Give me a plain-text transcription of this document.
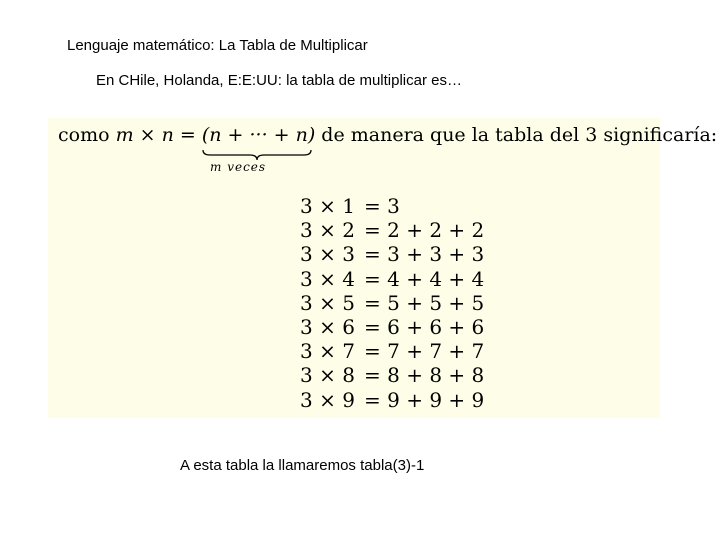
Lenguaje matemático: La Tabla de Multiplicar
En CHile, Holanda, E:E:UU: la tabla de multiplicar es…
como m × n = (n + ··· + n)
de manera que la tabla del 3 significaría:
m veces
3 × 1 = 3
3 × 2 = 2 + 2 + 2
3 × 3 = 3 + 3 + 3
3 × 4 = 4 + 4 + 4
3 × 5 = 5 + 5 + 5
3 × 6 = 6 + 6 + 6
3 × 7 = 7 + 7 + 7
3 × 8 = 8 + 8 + 8
3 × 9 = 9 + 9 + 9
A esta tabla la llamaremos tabla(3)-1
